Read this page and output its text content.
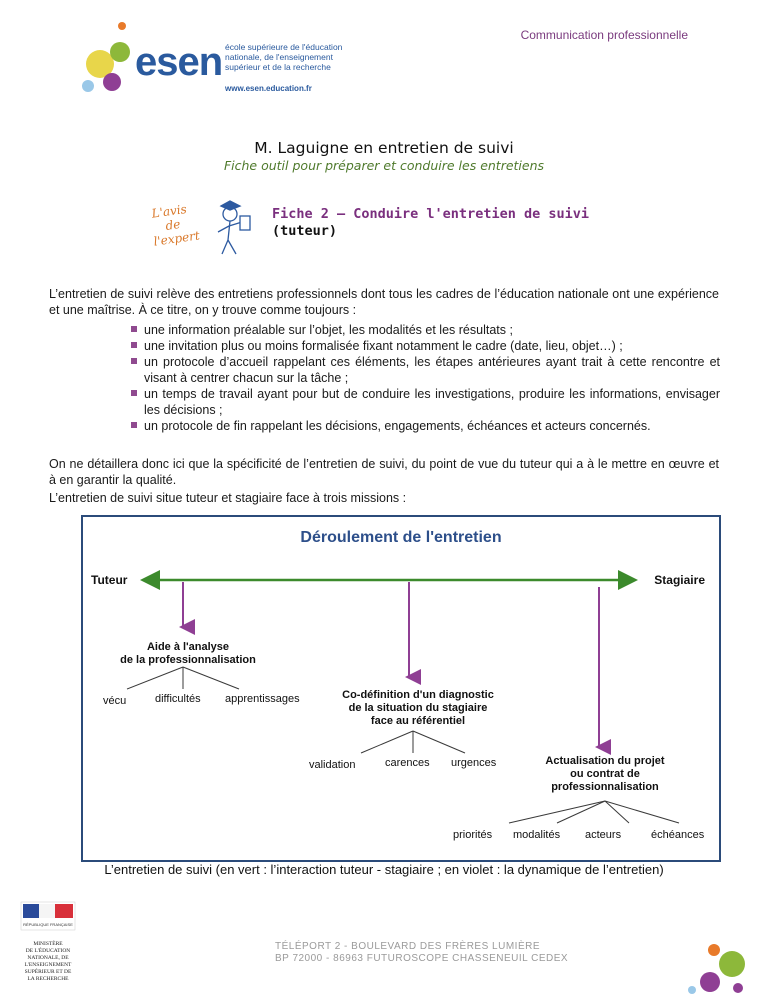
Communication professionnelle
esen école supérieure de l'éducation
nationale, de l'enseignement
supérieur et de la recherche
www.esen.education.fr
M. Laguigne en entretien de suivi
Fiche outil pour préparer et conduire les entretiens
L'avis
de
l'expert
Fiche 2 – Conduire l'entretien de suivi
(tuteur)
L’entretien de suivi relève des entretiens professionnels dont tous les cadres de l’éducation nationale ont une expérience et une maîtrise. À ce titre, on y trouve comme toujours :
une information préalable sur l’objet, les modalités et les résultats ;
une invitation plus ou moins formalisée fixant notamment le cadre (date, lieu, objet…) ;
un protocole d’accueil rappelant ces éléments, les étapes antérieures ayant trait à cette rencontre et visant à centrer chacun sur la tâche ;
un temps de travail ayant pour but de conduire les investigations, produire les informations, envisager les décisions ;
un protocole de fin rappelant les décisions, engagements, échéances et acteurs concernés.
On ne détaillera donc ici que la spécificité de l’entretien de suivi, du point de vue du tuteur qui a à le mettre en œuvre et à en garantir la qualité.
L’entretien de suivi situe tuteur et stagiaire face à trois missions :
Déroulement de l'entretien
Tuteur	Stagiaire
Aide à l'analyse
de la professionnalisation
vécu	difficultés apprentissages	Co-définition d'un diagnostic
de la situation du stagiaire
face au référentiel
validation	carences urgences	Actualisation du projet
ou contrat de
professionnalisation
priorités modalités acteurs	échéances
L’entretien de suivi (en vert : l’interaction tuteur - stagiaire ; en violet : la dynamique de l’entretien)
RÉPUBLIQUE FRANÇAISE
MINISTÈRE
DE L'ÉDUCATION
NATIONALE, DE
L'ENSEIGNEMENT
SUPÉRIEUR ET DE
LA RECHERCHE
TÉLÉPORT 2 - BOULEVARD DES FRÈRES LUMIÈRE
BP 72000 - 86963 FUTUROSCOPE CHASSENEUIL CEDEX
